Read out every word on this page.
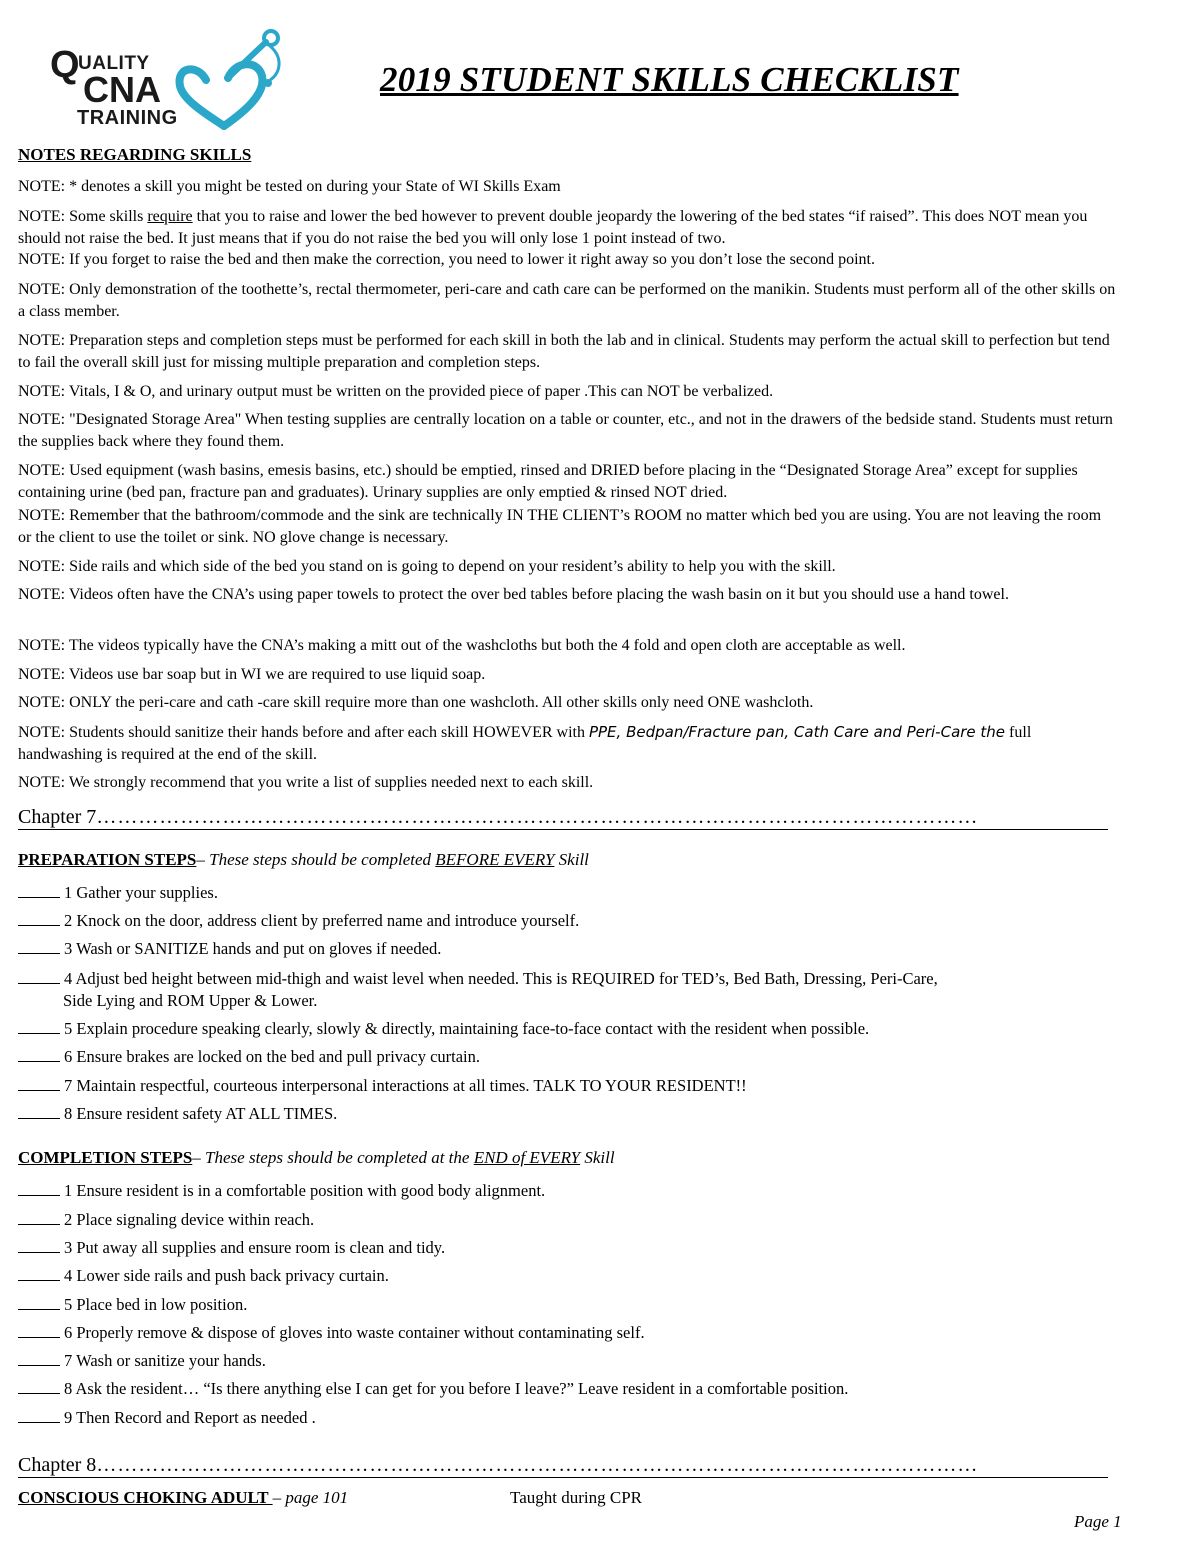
Q
UALITY
CNA
TRAINING
2019 STUDENT SKILLS CHECKLIST
NOTES REGARDING SKILLS

NOTE: * denotes a skill you might be tested on during your State of WI Skills Exam

NOTE: Some skills require that you to raise and lower the bed however to prevent double jeopardy the lowering of the bed states “if raised”. This does NOT mean you should not raise the bed. It just means that if you do not raise the bed you will only lose 1 point instead of two.

NOTE: If you forget to raise the bed and then make the correction, you need to lower it right away so you don’t lose the second point.

NOTE: Only demonstration of the toothette’s, rectal thermometer, peri-care and cath care can be performed on the manikin. Students must perform all of the other skills on a class member.

NOTE: Preparation steps and completion steps must be performed for each skill in both the lab and in clinical. Students may perform the actual skill to perfection but tend to fail the overall skill just for missing multiple preparation and completion steps.

NOTE: Vitals, I & O, and urinary output must be written on the provided piece of paper .This can NOT be verbalized.

NOTE: "Designated Storage Area" When testing supplies are centrally location on a table or counter, etc., and not in the drawers of the bedside stand. Students must return the supplies back where they found them.

NOTE: Used equipment (wash basins, emesis basins, etc.) should be emptied, rinsed and DRIED before placing in the “Designated Storage Area” except for supplies containing urine (bed pan, fracture pan and graduates). Urinary supplies are only emptied & rinsed NOT dried.

NOTE: Remember that the bathroom/commode and the sink are technically IN THE CLIENT’s ROOM no matter which bed you are using. You are not leaving the room or the client to use the toilet or sink. NO glove change is necessary.

NOTE: Side rails and which side of the bed you stand on is going to depend on your resident’s ability to help you with the skill.

NOTE: Videos often have the CNA’s using paper towels to protect the over bed tables before placing the wash basin on it but you should use a hand towel.

NOTE: The videos typically have the CNA’s making a mitt out of the washcloths but both the 4 fold and open cloth are acceptable as well.

NOTE: Videos use bar soap but in WI we are required to use liquid soap.

NOTE: ONLY the peri-care and cath -care skill require more than one washcloth. All other skills only need ONE washcloth.

NOTE: Students should sanitize their hands before and after each skill HOWEVER with PPE, Bedpan/Fracture pan, Cath Care and Peri-Care the full handwashing is required at the end of the skill.

NOTE: We strongly recommend that you write a list of supplies needed next to each skill.

Chapter 7………………………………………………………………………………………………………………
PREPARATION STEPS– These steps should be completed BEFORE EVERY Skill
1 Gather your supplies.
2 Knock on the door, address client by preferred name and introduce yourself.
3 Wash or SANITIZE hands and put on gloves if needed.
4 Adjust bed height between mid-thigh and waist level when needed. This is REQUIRED for TED’s, Bed Bath, Dressing, Peri-Care,
Side Lying and ROM Upper & Lower.
5 Explain procedure speaking clearly, slowly & directly, maintaining face-to-face contact with the resident when possible.
6 Ensure brakes are locked on the bed and pull privacy curtain.
7 Maintain respectful, courteous interpersonal interactions at all times. TALK TO YOUR RESIDENT!!
8 Ensure resident safety AT ALL TIMES.
COMPLETION STEPS– These steps should be completed at the END of EVERY Skill
1 Ensure resident is in a comfortable position with good body alignment.
2 Place signaling device within reach.
3 Put away all supplies and ensure room is clean and tidy.
4 Lower side rails and push back privacy curtain.
5 Place bed in low position.
6 Properly remove & dispose of gloves into waste container without contaminating self.
7 Wash or sanitize your hands.
8 Ask the resident… “Is there anything else I can get for you before I leave?” Leave resident in a comfortable position.
9 Then Record and Report as needed .
Chapter 8………………………………………………………………………………………………………………
CONSCIOUS CHOKING ADULT – page 101	Taught during CPR
Page 1
